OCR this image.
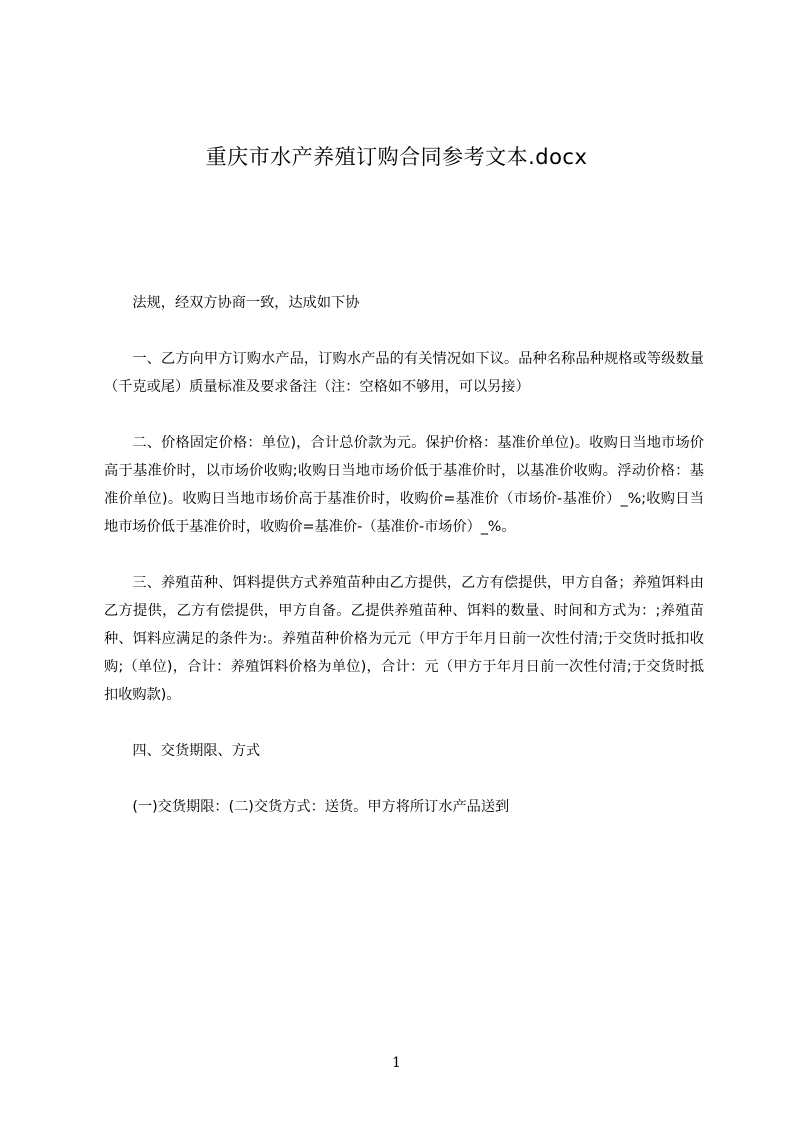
重庆市水产养殖订购合同参考文本.docx

法规，经双方协商一致，达成如下协

一、乙方向甲方订购水产品，订购水产品的有关情况如下议。品种名称品种规格或等级数量（千克或尾）质量标准及要求备注（注：空格如不够用，可以另接）

二、价格固定价格：单位)，合计总价款为元。保护价格：基准价单位)。收购日当地市场价高于基准价时，以市场价收购;收购日当地市场价低于基准价时，以基准价收购。浮动价格：基准价单位)。收购日当地市场价高于基准价时，收购价=基准价（市场价-基准价）_%;收购日当地市场价低于基准价时，收购价=基准价-（基准价-市场价）_%。

三、养殖苗种、饵料提供方式养殖苗种由乙方提供，乙方有偿提供，甲方自备；养殖饵料由乙方提供，乙方有偿提供，甲方自备。乙提供养殖苗种、饵料的数量、时间和方式为：;养殖苗种、饵料应满足的条件为:。养殖苗种价格为元元（甲方于年月日前一次性付清;于交货时抵扣收购;（单位)，合计：养殖饵料价格为单位)，合计：元（甲方于年月日前一次性付清;于交货时抵扣收购款)。

四、交货期限、方式

(一)交货期限：(二)交货方式：送货。甲方将所订水产品送到

1
